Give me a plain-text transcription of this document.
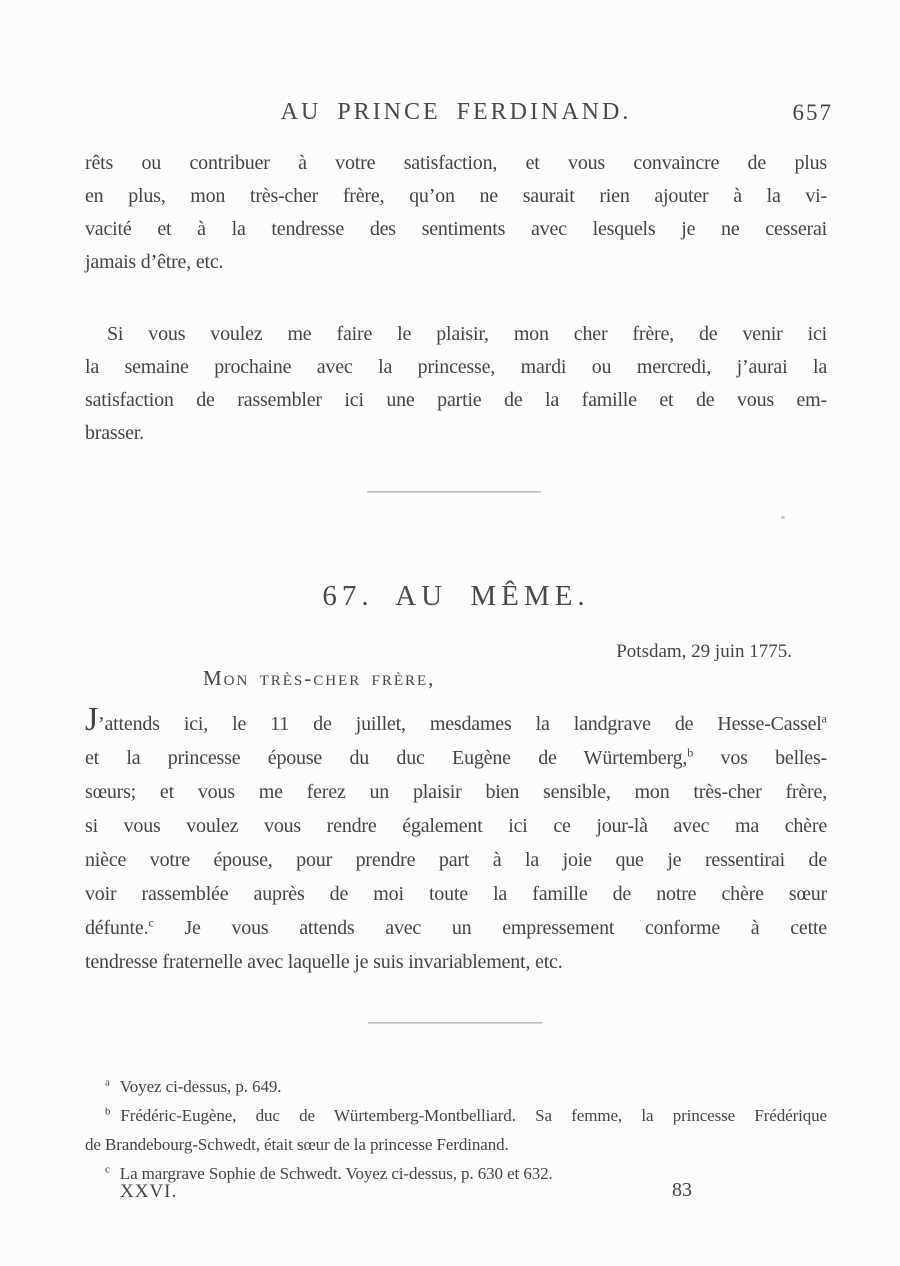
AU PRINCE FERDINAND.	657
rêts ou contribuer à votre satisfaction, et vous convaincre de plus
en plus, mon très-cher frère, qu’on ne saurait rien ajouter à la vi-
vacité et à la tendresse des sentiments avec lesquels je ne cesserai
jamais d’être, etc.
Si vous voulez me faire le plaisir, mon cher frère, de venir ici
la semaine prochaine avec la princesse, mardi ou mercredi, j’aurai la
satisfaction de rassembler ici une partie de la famille et de vous em-
brasser.
67. AU MÊME.
Potsdam, 29 juin 1775.
Mon très-cher frère,
J’attends ici, le 11 de juillet, mesdames la landgrave de Hesse-Cassel$^a$
et la princesse épouse du duc Eugène de Würtemberg,$^b$ vos belles-
sœurs; et vous me ferez un plaisir bien sensible, mon très-cher frère,
si vous voulez vous rendre également ici ce jour-là avec ma chère
nièce votre épouse, pour prendre part à la joie que je ressentirai de
voir rassemblée auprès de moi toute la famille de notre chère sœur
défunte.$^c$ Je vous attends avec un empressement conforme à cette
tendresse fraternelle avec laquelle je suis invariablement, etc.
$^a$ Voyez ci-dessus, p. 649.
$^b$ Frédéric-Eugène, duc de Würtemberg-Montbelliard. Sa femme, la princesse Frédérique
de Brandebourg-Schwedt, était sœur de la princesse Ferdinand.
$^c$ La margrave Sophie de Schwedt. Voyez ci-dessus, p. 630 et 632.
XXVI.	83
